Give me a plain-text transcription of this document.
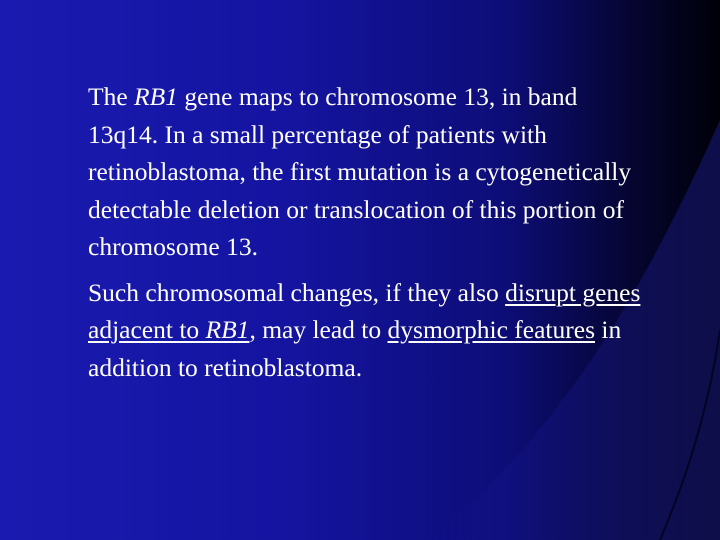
The RB1 gene maps to chromosome 13, in band 13q14. In a small percentage of patients with retinoblastoma, the first mutation is a cytogenetically detectable deletion or translocation of this portion of chromosome 13.

Such chromosomal changes, if they also disrupt genes adjacent to RB1, may lead to dysmorphic features in addition to retinoblastoma.
